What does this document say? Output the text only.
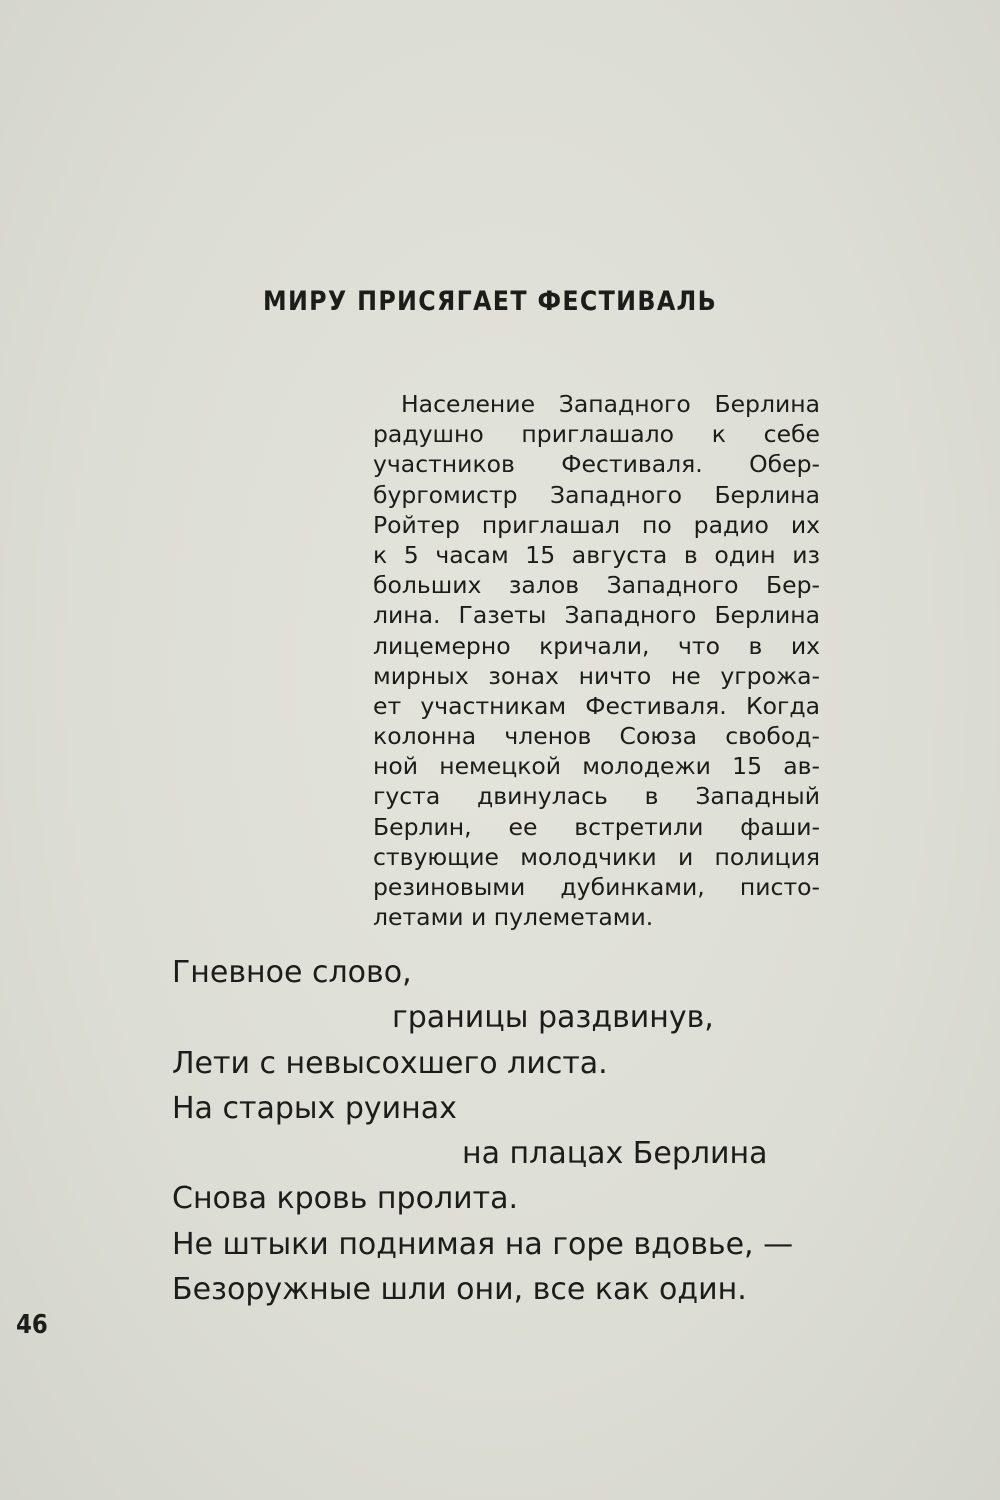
МИРУ ПРИСЯГАЕТ ФЕСТИВАЛЬ
Население Западного Берлина
радушно приглашало к себе
участников Фестиваля. Обер-
бургомистр Западного Берлина
Ройтер приглашал по радио их
к 5 часам 15 августа в один из
больших залов Западного Бер-
лина. Газеты Западного Берлина
лицемерно кричали, что в их
мирных зонах ничто не угрожа-
ет участникам Фестиваля. Когда
колонна членов Союза свобод-
ной немецкой молодежи 15 ав-
густа двинулась в Западный
Берлин, ее встретили фаши-
ствующие молодчики и полиция
резиновыми дубинками, писто-
летами и пулеметами.
Гневное слово,
границы раздвинув,
Лети с невысохшего листа.
На старых руинах
на плацах Берлина
Снова кровь пролита.
Не штыки поднимая на горе вдовье, —
Безоружные шли они, все как один.
46
